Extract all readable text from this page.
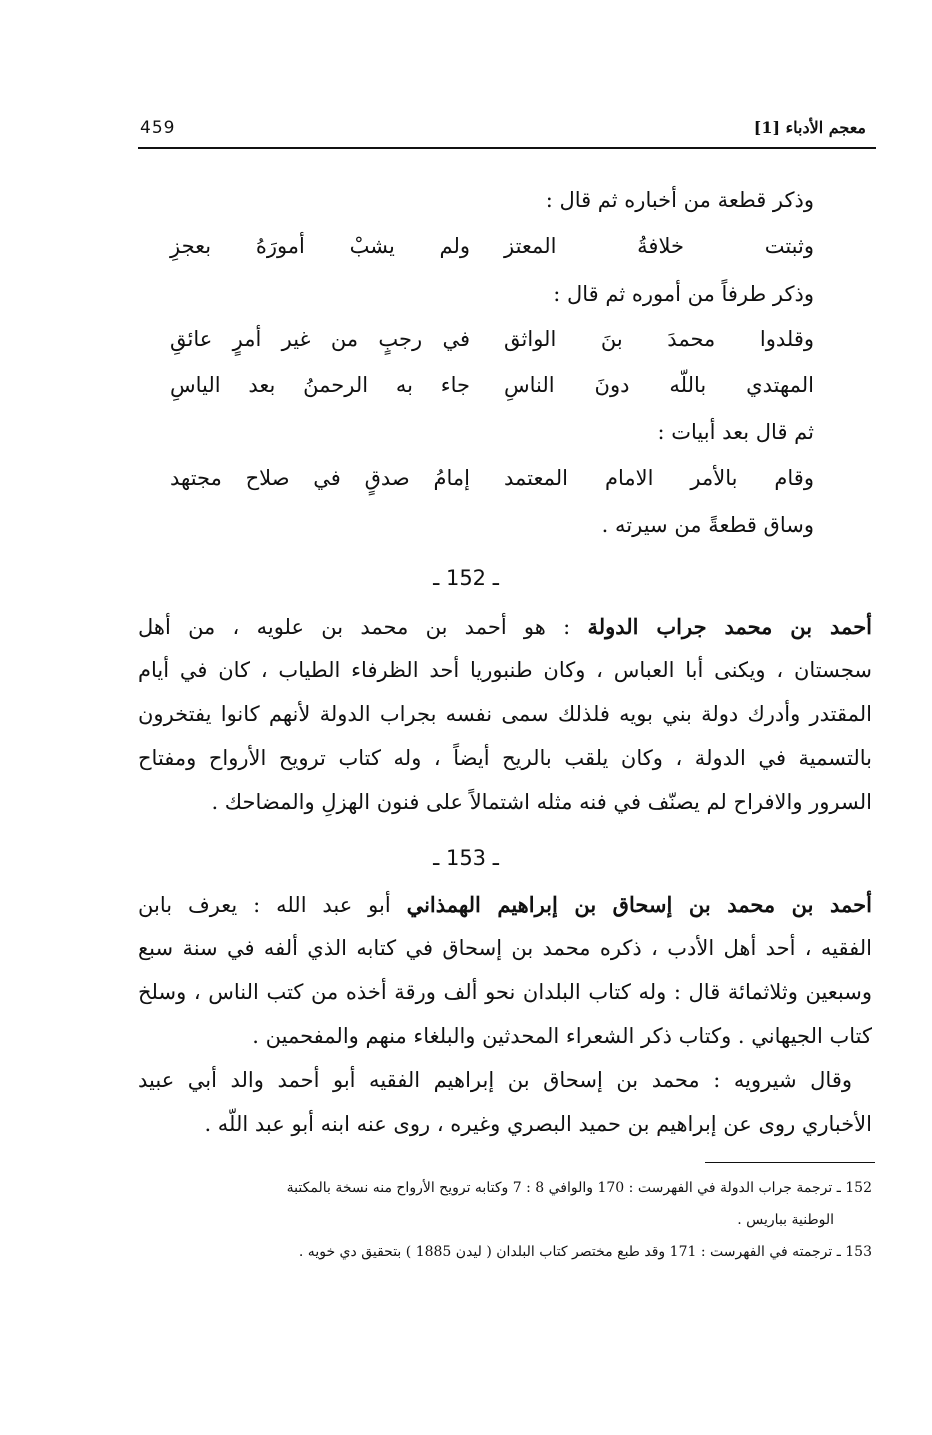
معجم الأدباء [1]
459
وذكر قطعة من أخباره ثم قال :
وثبتت خلافةُ المعتز
ولم يشبْ أمورَهُ بعجزِ
وذكر طرفاً من أموره ثم قال :
وقلدوا محمدَ بنَ الواثق
في رجبٍ من غير أمرٍ عائقِ
المهتدي باللّه دونَ الناسِ
جاء به الرحمنُ بعد الياسِ
ثم قال بعد أبيات :
وقام بالأمر الامام المعتمد
إمامُ صدقٍ في صلاح مجتهد
وساق قطعةً من سيرته .
ـ 152 ـ
أحمد بن محمد جراب الدولة : هو أحمد بن محمد بن علويه ، من أهل
سجستان ، ويكنى أبا العباس ، وكان طنبوريا أحد الظرفاء الطياب ، كان في أيام
المقتدر وأدرك دولة بني بويه فلذلك سمى نفسه بجراب الدولة لأنهم كانوا يفتخرون
بالتسمية في الدولة ، وكان يلقب بالريح أيضاً ، وله كتاب ترويح الأرواح ومفتاح
السرور والافراح لم يصنّف في فنه مثله اشتمالاً على فنون الهزلِ والمضاحك .
ـ 153 ـ
أحمد بن محمد بن إسحاق بن إبراهيم الهمذاني أبو عبد الله : يعرف بابن
الفقيه ، أحد أهل الأدب ، ذكره محمد بن إسحاق في كتابه الذي ألفه في سنة سبع
وسبعين وثلاثمائة قال : وله كتاب البلدان نحو ألف ورقة أخذه من كتب الناس ، وسلخ
كتاب الجيهاني . وكتاب ذكر الشعراء المحدثين والبلغاء منهم والمفحمين .
وقال شيرويه : محمد بن إسحاق بن إبراهيم الفقيه أبو أحمد والد أبي عبيد
الأخباري روى عن إبراهيم بن حميد البصري وغيره ، روى عنه ابنه أبو عبد اللّه .
152 ـ ترجمة جراب الدولة في الفهرست : 170 والوافي 8 : 7 وكتابه ترويح الأرواح منه نسخة بالمكتبة
الوطنية بباريس .
153 ـ ترجمته في الفهرست : 171 وقد طبع مختصر كتاب البلدان ( ليدن 1885 ) بتحقيق دي خويه .
